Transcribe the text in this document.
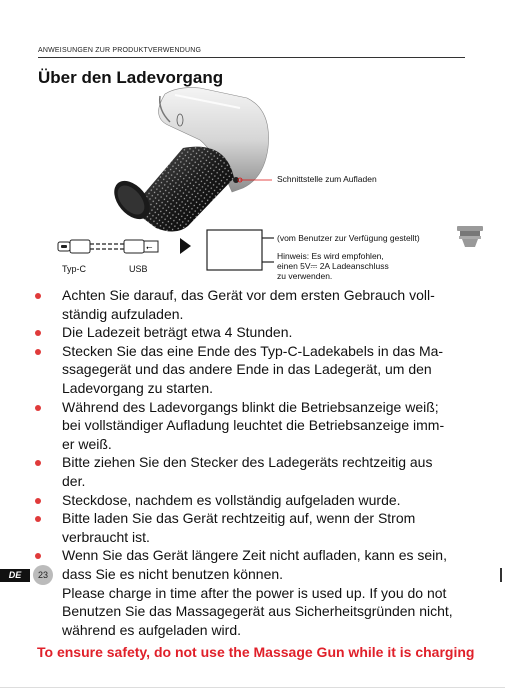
ANWEISUNGEN ZUR PRODUKTVERWENDUNG
Über den Ladevorgang
⭠
Schnittstelle zum Aufladen
(vom Benutzer zur Verfügung gestellt)
Hinweis: Es wird empfohlen,
einen 5V⎓ 2A Ladeanschluss
zu verwenden.
Typ-C	USB
Achten Sie darauf, das Gerät vor dem ersten Gebrauch voll-
ständig aufzuladen.
Die Ladezeit beträgt etwa 4 Stunden.
Stecken Sie das eine Ende des Typ-C-Ladekabels in das Ma-
ssagegerät und das andere Ende in das Ladegerät, um den
Ladevorgang zu starten.
Während des Ladevorgangs blinkt die Betriebsanzeige weiß;
bei vollständiger Aufladung leuchtet die Betriebsanzeige imm-
er weiß.
Bitte ziehen Sie den Stecker des Ladegeräts rechtzeitig aus
der.
Steckdose, nachdem es vollständig aufgeladen wurde.
Bitte laden Sie das Gerät rechtzeitig auf, wenn der Strom
verbraucht ist.
Wenn Sie das Gerät längere Zeit nicht aufladen, kann es sein,
dass Sie es nicht benutzen können.
Please charge in time after the power is used up. If you do not
Benutzen Sie das Massagegerät aus Sicherheitsgründen nicht,
während es aufgeladen wird.
To ensure safety, do not use the Massage Gun while it is charging
DE	23
